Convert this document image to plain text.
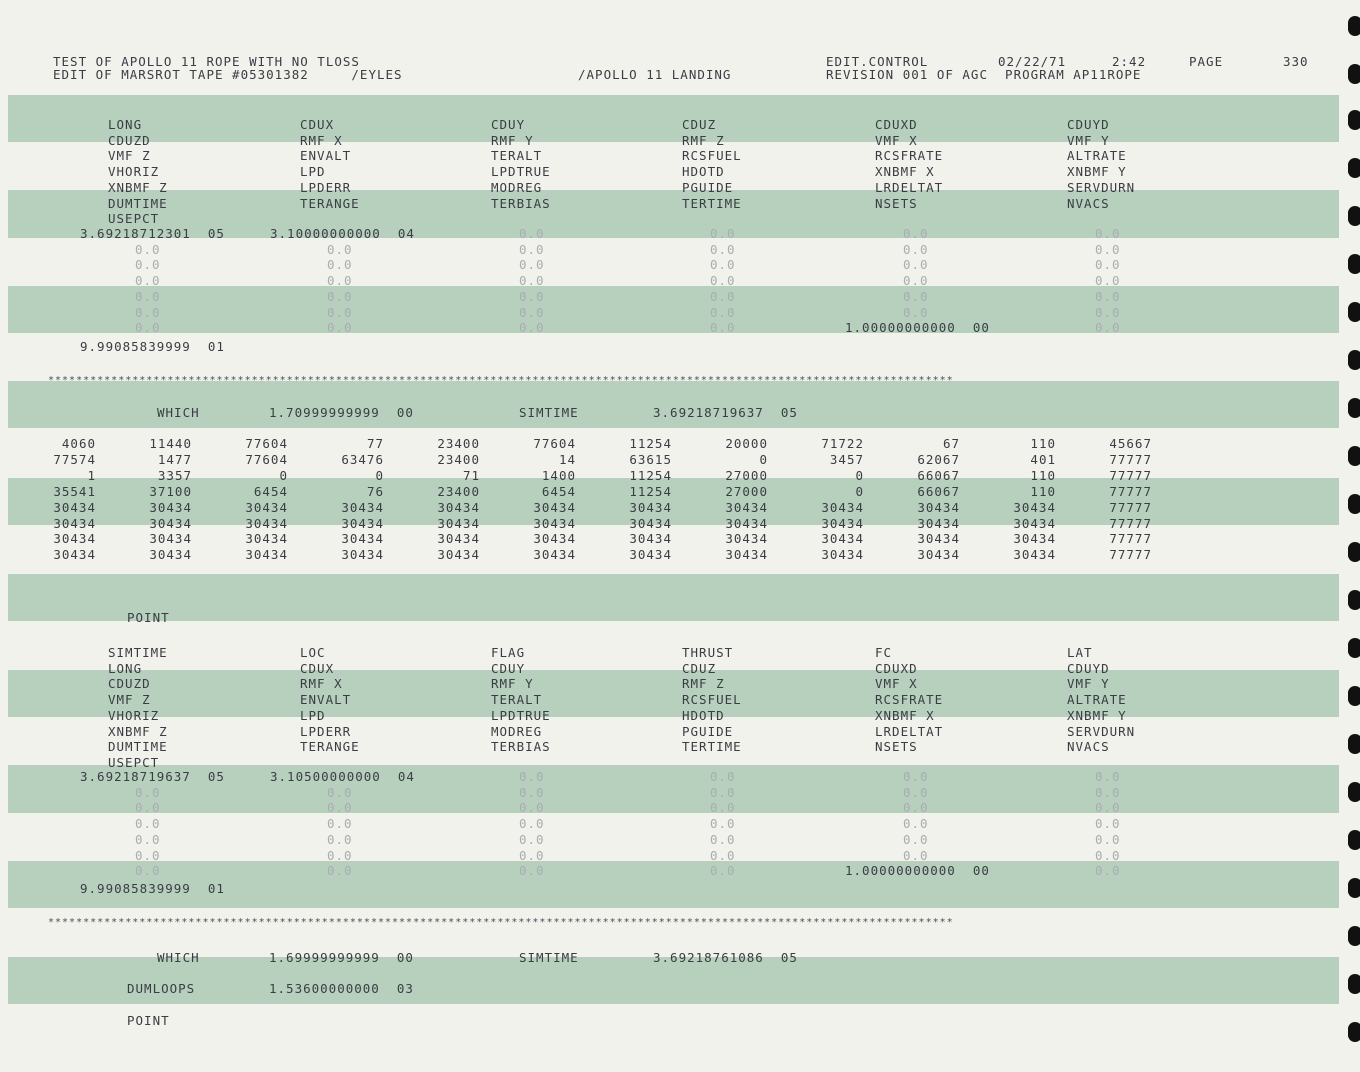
TEST OF APOLLO 11 ROPE WITH NO TLOSS
EDIT OF MARSROT TAPE #05301382     /EYLES	/APOLLO 11 LANDING
EDIT.CONTROL	02/22/71	2:42	PAGE	330
REVISION 001 OF AGC  PROGRAM AP11ROPE
LONG	CDUX	CDUY	CDUZ	CDUXD	CDUYD
CDUZD	RMF X	RMF Y	RMF Z	VMF X	VMF Y
VMF Z	ENVALT	TERALT	RCSFUEL	RCSFRATE	ALTRATE
VHORIZ	LPD	LPDTRUE	HDOTD	XNBMF X	XNBMF Y
XNBMF Z	LPDERR	MODREG	PGUIDE	LRDELTAT	SERVDURN
DUMTIME	TERANGE	TERBIAS	TERTIME	NSETS	NVACS
USEPCT
3.69218712301  05	3.10000000000  04	0.0	0.0	0.0	0.0
0.0	0.0	0.0	0.0	0.0	0.0
0.0	0.0	0.0	0.0	0.0	0.0
0.0	0.0	0.0	0.0	0.0	0.0
0.0	0.0	0.0	0.0	0.0	0.0
0.0	0.0	0.0	0.0	0.0	0.0
0.0	0.0	0.0	0.0	1.00000000000  00	0.0
9.99085839999  01
*********************************************************************************************************************************
WHICH	1.70999999999  00	SIMTIME	3.69218719637  05
4060	11440	77604	77	23400	77604	11254	20000	71722	67	110	45667
77574	1477	77604	63476	23400	14	63615	0	3457	62067	401	77777
1	3357	0	0	71	1400	11254	27000	0	66067	110	77777
35541	37100	6454	76	23400	6454	11254	27000	0	66067	110	77777
30434	30434	30434	30434	30434	30434	30434	30434	30434	30434	30434	77777
30434	30434	30434	30434	30434	30434	30434	30434	30434	30434	30434	77777
30434	30434	30434	30434	30434	30434	30434	30434	30434	30434	30434	77777
30434	30434	30434	30434	30434	30434	30434	30434	30434	30434	30434	77777
POINT
SIMTIME	LOC	FLAG	THRUST	FC	LAT
LONG	CDUX	CDUY	CDUZ	CDUXD	CDUYD
CDUZD	RMF X	RMF Y	RMF Z	VMF X	VMF Y
VMF Z	ENVALT	TERALT	RCSFUEL	RCSFRATE	ALTRATE
VHORIZ	LPD	LPDTRUE	HDOTD	XNBMF X	XNBMF Y
XNBMF Z	LPDERR	MODREG	PGUIDE	LRDELTAT	SERVDURN
DUMTIME	TERANGE	TERBIAS	TERTIME	NSETS	NVACS
USEPCT
3.69218719637  05	3.10500000000  04	0.0	0.0	0.0	0.0
0.0	0.0	0.0	0.0	0.0	0.0
0.0	0.0	0.0	0.0	0.0	0.0
0.0	0.0	0.0	0.0	0.0	0.0
0.0	0.0	0.0	0.0	0.0	0.0
0.0	0.0	0.0	0.0	0.0	0.0
0.0	0.0	0.0	0.0	1.00000000000  00	0.0
9.99085839999  01
*********************************************************************************************************************************
WHICH	1.69999999999  00	SIMTIME	3.69218761086  05
DUMLOOPS	1.53600000000  03
POINT
